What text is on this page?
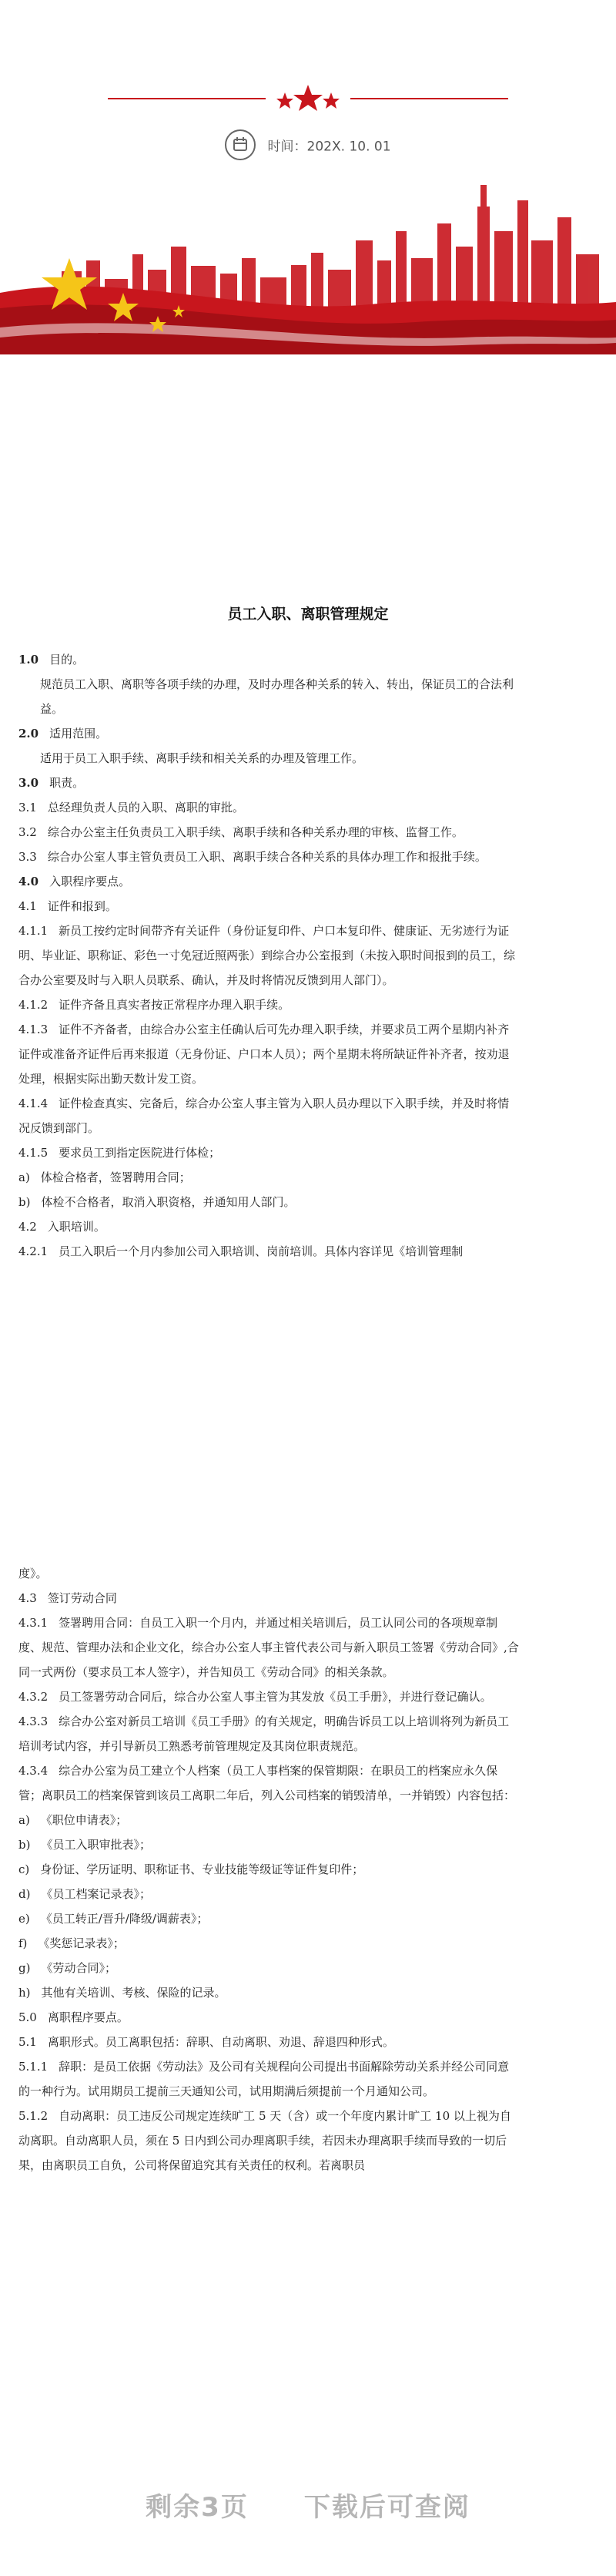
时间：202X. 10. 01
员工入职、离职管理规定

1.0 目的。

规范员工入职、离职等各项手续的办理，及时办理各种关系的转入、转出，保证员工的合法利益。

2.0 适用范围。

适用于员工入职手续、离职手续和相关关系的办理及管理工作。

3.0 职责。

3.1 总经理负责人员的入职、离职的审批。

3.2 综合办公室主任负责员工入职手续、离职手续和各种关系办理的审核、监督工作。

3.3 综合办公室人事主管负责员工入职、离职手续合各种关系的具体办理工作和报批手续。

4.0 入职程序要点。

4.1 证件和报到。

4.1.1 新员工按约定时间带齐有关证件（身份证复印件、户口本复印件、健康证、无劣迹行为证明、毕业证、职称证、彩色一寸免冠近照两张）到综合办公室报到（未按入职时间报到的员工，综合办公室要及时与入职人员联系、确认，并及时将情况反馈到用人部门）。

4.1.2 证件齐备且真实者按正常程序办理入职手续。

4.1.3 证件不齐备者，由综合办公室主任确认后可先办理入职手续，并要求员工两个星期内补齐证件或准备齐证件后再来报道（无身份证、户口本人员）；两个星期未将所缺证件补齐者，按劝退处理，根据实际出勤天数计发工资。

4.1.4 证件检查真实、完备后，综合办公室人事主管为入职人员办理以下入职手续，并及时将情况反馈到部门。

4.1.5 要求员工到指定医院进行体检；

a) 体检合格者，签署聘用合同；

b) 体检不合格者，取消入职资格，并通知用人部门。

4.2 入职培训。

4.2.1 员工入职后一个月内参加公司入职培训、岗前培训。具体内容详见《培训管理制

度》。

4.3 签订劳动合同

4.3.1 签署聘用合同：自员工入职一个月内，并通过相关培训后，员工认同公司的各项规章制度、规范、管理办法和企业文化，综合办公室人事主管代表公司与新入职员工签署《劳动合同》,合同一式两份（要求员工本人签字），并告知员工《劳动合同》的相关条款。

4.3.2 员工签署劳动合同后，综合办公室人事主管为其发放《员工手册》，并进行登记确认。

4.3.3 综合办公室对新员工培训《员工手册》的有关规定，明确告诉员工以上培训将列为新员工培训考试内容，并引导新员工熟悉考前管理规定及其岗位职责规范。

4.3.4 综合办公室为员工建立个人档案（员工人事档案的保管期限：在职员工的档案应永久保管；离职员工的档案保管到该员工离职二年后，列入公司档案的销毁清单，一并销毁）内容包括：

a) 《职位申请表》；

b) 《员工入职审批表》；

c) 身份证、学历证明、职称证书、专业技能等级证等证件复印件；

d) 《员工档案记录表》；

e) 《员工转正/晋升/降级/调薪表》；

f) 《奖惩记录表》；

g) 《劳动合同》；

h) 其他有关培训、考核、保险的记录。

5.0 离职程序要点。

5.1 离职形式。员工离职包括：辞职、自动离职、劝退、辞退四种形式。

5.1.1 辞职：是员工依据《劳动法》及公司有关规程向公司提出书面解除劳动关系并经公司同意的一种行为。试用期员工提前三天通知公司，试用期满后须提前一个月通知公司。

5.1.2 自动离职：员工违反公司规定连续旷工 5 天（含）或一个年度内累计旷工 10 以上视为自动离职。自动离职人员，须在 5 日内到公司办理离职手续，若因未办理离职手续而导致的一切后果，由离职员工自负，公司将保留追究其有关责任的权利。若离职员

剩余3页　　下载后可查阅
